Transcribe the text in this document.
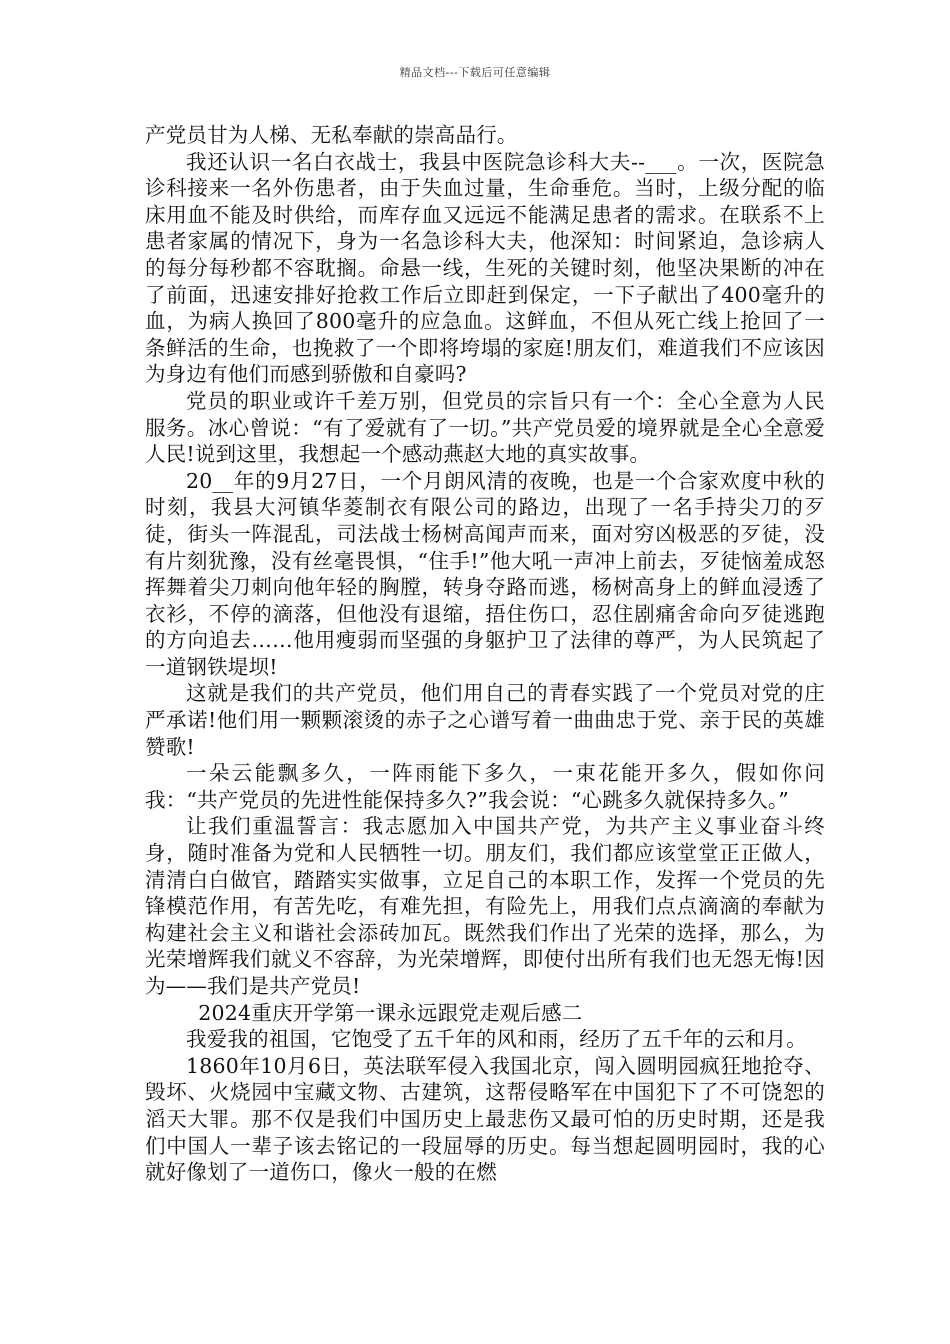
精品文档---下载后可任意编辑

产党员甘为人梯、无私奉献的崇高品行。

我还认识一名白衣战士，我县中医院急诊科大夫--___。一次，医院急诊科接来一名外伤患者，由于失血过量，生命垂危。当时，上级分配的临床用血不能及时供给，而库存血又远远不能满足患者的需求。在联系不上患者家属的情况下，身为一名急诊科大夫，他深知：时间紧迫，急诊病人的每分每秒都不容耽搁。命悬一线，生死的关键时刻，他坚决果断的冲在了前面，迅速安排好抢救工作后立即赶到保定，一下子献出了400毫升的血，为病人换回了800毫升的应急血。这鲜血，不但从死亡线上抢回了一条鲜活的生命，也挽救了一个即将垮塌的家庭!朋友们，难道我们不应该因为身边有他们而感到骄傲和自豪吗?

党员的职业或许千差万别，但党员的宗旨只有一个：全心全意为人民服务。冰心曾说：“有了爱就有了一切。”共产党员爱的境界就是全心全意爱人民!说到这里，我想起一个感动燕赵大地的真实故事。

20__年的9月27日，一个月朗风清的夜晚，也是一个合家欢度中秋的时刻，我县大河镇华菱制衣有限公司的路边，出现了一名手持尖刀的歹徒，街头一阵混乱，司法战士杨树高闻声而来，面对穷凶极恶的歹徒，没有片刻犹豫，没有丝毫畏惧，“住手!”他大吼一声冲上前去，歹徒恼羞成怒挥舞着尖刀刺向他年轻的胸膛，转身夺路而逃，杨树高身上的鲜血浸透了衣衫，不停的滴落，但他没有退缩，捂住伤口，忍住剧痛舍命向歹徒逃跑的方向追去……他用瘦弱而坚强的身躯护卫了法律的尊严，为人民筑起了一道钢铁堤坝!

这就是我们的共产党员，他们用自己的青春实践了一个党员对党的庄严承诺!他们用一颗颗滚烫的赤子之心谱写着一曲曲忠于党、亲于民的英雄赞歌!

一朵云能飘多久，一阵雨能下多久，一束花能开多久，假如你问我：“共产党员的先进性能保持多久?”我会说：“心跳多久就保持多久。”

让我们重温誓言：我志愿加入中国共产党，为共产主义事业奋斗终身，随时准备为党和人民牺牲一切。朋友们，我们都应该堂堂正正做人，清清白白做官，踏踏实实做事，立足自己的本职工作，发挥一个党员的先锋模范作用，有苦先吃，有难先担，有险先上，用我们点点滴滴的奉献为构建社会主义和谐社会添砖加瓦。既然我们作出了光荣的选择，那么，为光荣增辉我们就义不容辞，为光荣增辉，即使付出所有我们也无怨无悔!因为——我们是共产党员!

2024重庆开学第一课永远跟党走观后感二

我爱我的祖国，它饱受了五千年的风和雨，经历了五千年的云和月。

1860年10月6日，英法联军侵入我国北京，闯入圆明园疯狂地抢夺、毁坏、火烧园中宝藏文物、古建筑，这帮侵略军在中国犯下了不可饶恕的滔天大罪。那不仅是我们中国历史上最悲伤又最可怕的历史时期，还是我们中国人一辈子该去铭记的一段屈辱的历史。每当想起圆明园时，我的心就好像划了一道伤口，像火一般的在燃
